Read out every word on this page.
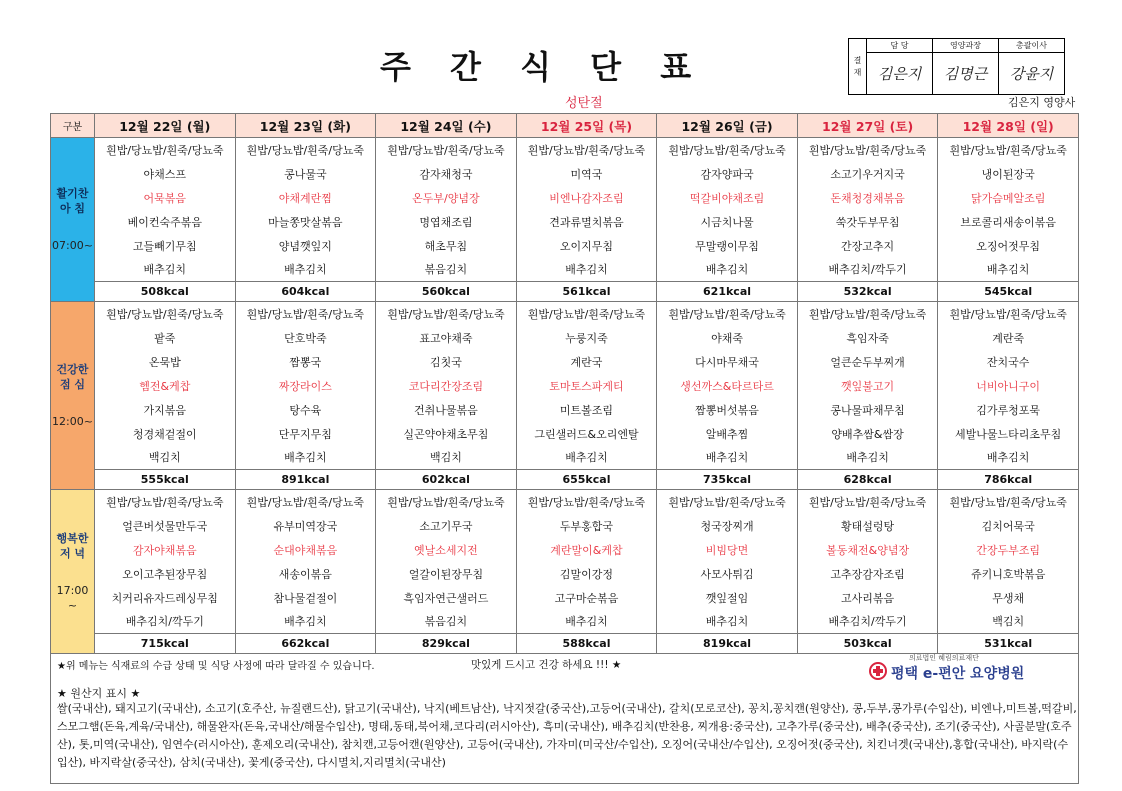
주 간 식 단 표	결 재	담 당	영양과장	총괄이사
	김은지	김명근	강윤지
김은지 영양사
성탄절
구분	12월 22일 (월)	12월 23일 (화)	12월 24일 (수)	12월 25일 (목)	12월 26일 (금)	12월 27일 (토)	12월 28일 (일)
활기찬
아 침
07:00~	흰밥/당뇨밥/흰죽/당뇨죽	흰밥/당뇨밥/흰죽/당뇨죽	흰밥/당뇨밥/흰죽/당뇨죽	흰밥/당뇨밥/흰죽/당뇨죽	흰밥/당뇨밥/흰죽/당뇨죽	흰밥/당뇨밥/흰죽/당뇨죽	흰밥/당뇨밥/흰죽/당뇨죽
	야채스프	콩나물국	감자채청국	미역국	감자양파국	소고기우거지국	냉이된장국
	어묵볶음	야채계란찜	온두부/양념장	비엔나감자조림	떡갈비야채조림	돈채청경채볶음	닭가슴메알조림
	베이컨숙주볶음	마늘쫑맛살볶음	명엽채조림	견과류멸치볶음	시금치나물	쑥갓두부무침	브로콜리새송이볶음
	고들빼기무침	양념깻잎지	해초무침	오이지무침	무말랭이무침	간장고추지	오징어젓무침
	배추김치	배추김치	볶음김치	배추김치	배추김치	배추김치/깍두기	배추김치
	508kcal	604kcal	560kcal	561kcal	621kcal	532kcal	545kcal
건강한
점 심
12:00~	흰밥/당뇨밥/흰죽/당뇨죽	흰밥/당뇨밥/흰죽/당뇨죽	흰밥/당뇨밥/흰죽/당뇨죽	흰밥/당뇨밥/흰죽/당뇨죽	흰밥/당뇨밥/흰죽/당뇨죽	흰밥/당뇨밥/흰죽/당뇨죽	흰밥/당뇨밥/흰죽/당뇨죽
	팥죽	단호박죽	표고야채죽	누룽지죽	야채죽	흑임자죽	계란죽
	온묵밥	짬뽕국	김칫국	계란국	다시마무채국	얼큰순두부찌개	잔치국수
	헴전&케찹	짜장라이스	코다리간장조림	토마토스파게티	생선까스&타르타르	깻잎불고기	너비아니구이
	가지볶음	탕수육	건취나물볶음	미트볼조림	짬뽕버섯볶음	콩나물파채무침	김가루청포묵
	청경채겉절이	단무지무침	실곤약야채초무침	그린샐러드&오리엔탈	알배추찜	양배추쌈&쌈장	세발나물느타리초무침
	백김치	배추김치	백김치	배추김치	배추김치	배추김치	배추김치
	555kcal	891kcal	602kcal	655kcal	735kcal	628kcal	786kcal
행복한
저 녁
17:00
~	흰밥/당뇨밥/흰죽/당뇨죽	흰밥/당뇨밥/흰죽/당뇨죽	흰밥/당뇨밥/흰죽/당뇨죽	흰밥/당뇨밥/흰죽/당뇨죽	흰밥/당뇨밥/흰죽/당뇨죽	흰밥/당뇨밥/흰죽/당뇨죽	흰밥/당뇨밥/흰죽/당뇨죽
	얼큰버섯물만두국	유부미역장국	소고기무국	두부홍합국	청국장찌개	황태설렁탕	김치어묵국
	감자야채볶음	순대야채볶음	옛날소세지전	계란말이&케찹	비빔당면	볼동채전&양념장	간장두부조림
	오이고추된장무침	새송이볶음	얼갈이된장무침	김말이강정	사모사튀김	고추장감자조림	쥬키니호박볶음
	치커리유자드레싱무침	참나물겉절이	흑임자연근샐러드	고구마순볶음	깻잎절임	고사리볶음	무생채
	배추김치/깍두기	배추김치	볶음김치	배추김치	배추김치	배추김치/깍두기	백김치
	715kcal	662kcal	829kcal	588kcal	819kcal	503kcal	531kcal
★위 메뉴는 식재료의 수급 상태 및 식당 사정에 따라 달라질 수 있습니다.	맛있게 드시고 건강 하세요 !!! ★
의료법인 혜림의료재단
평택 e-편안 요양병원
★ 원산지 표시 ★
쌀(국내산), 돼지고기(국내산), 소고기(호주산, 뉴질랜드산), 닭고기(국내산), 낙지(베트남산), 낙지젓갈(중국산),고등어(국내산), 갈치(모로코산), 꽁치,꽁치캔(원양산), 콩,두부,콩가루(수입산), 비엔나,미트볼,떡갈비,스모그햄(돈육,계육/국내산), 해물완자(돈육,국내산/해물수입산), 명태,동태,북어채,코다리(러시아산), 흑미(국내산), 배추김치(반찬용, 찌개용:중국산), 고추가루(중국산), 배추(중국산), 조기(중국산), 사골분말(호주산), 톳,미역(국내산), 임연수(러시아산), 훈제오리(국내산), 참치캔,고등어캔(원양산), 고등어(국내산), 가자미(미국산/수입산), 오징어(국내산/수입산), 오징어젓(중국산), 치킨너겟(국내산),홍합(국내산), 바지락(수입산), 바지락살(중국산), 삼치(국내산), 꽃게(중국산), 다시멸치,지리멸치(국내산)
